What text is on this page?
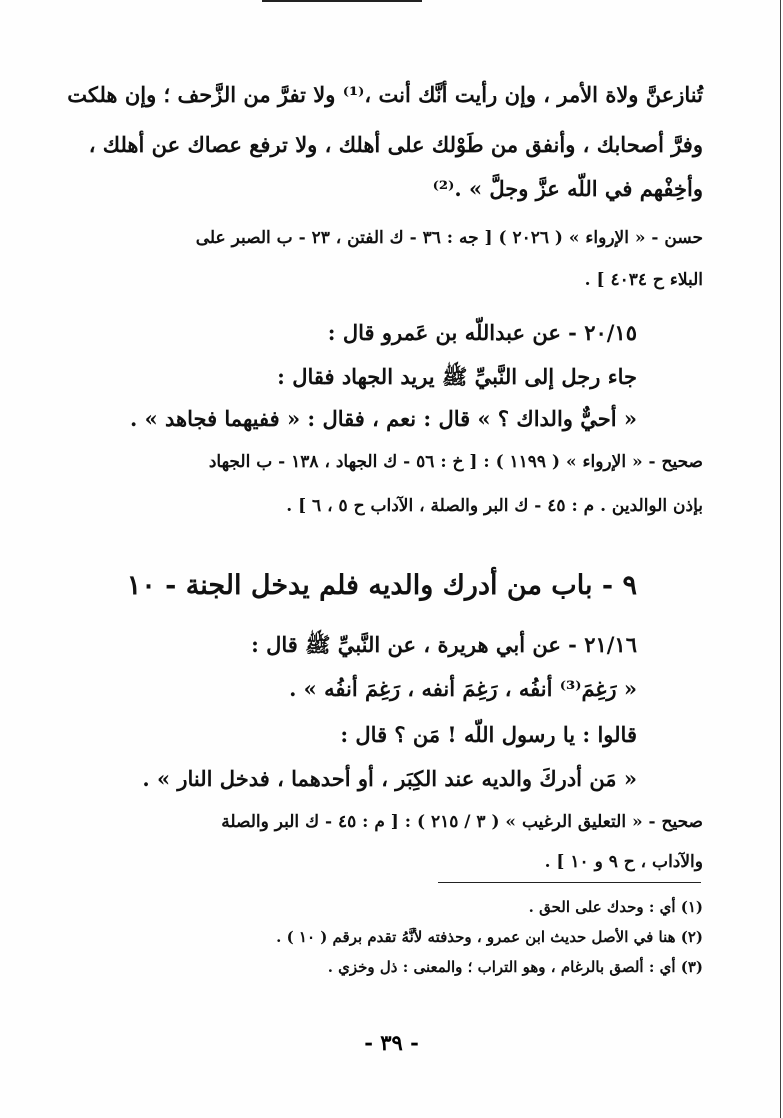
تُنازعنَّ ولاة الأمر ، وإن رأيت أنَّك أنت ،⁽¹⁾ ولا تفرَّ من الزَّحف ؛ وإن هلكت
وفرَّ أصحابك ، وأنفق من طَوْلك على أهلك ، ولا ترفع عصاك عن أهلك ،
وأخِفْهم في اللّه عزَّ وجلَّ » .⁽²⁾
حسن - « الإرواء » ( ٢٠٢٦ ) [ جه : ٣٦ - ك الفتن ، ٢٣ - ب الصبر على
البلاء ح ٤٠٣٤ ] .
٢٠/١٥ - عن عبداللّه بن عَمرو قال :
جاء رجل إلى النَّبيِّ ﷺ يريد الجهاد فقال :
« أحيٌّ والداك ؟ » قال : نعم ، فقال : « ففيهما فجاهد » .
صحيح - « الإرواء » ( ١١٩٩ ) : [ خ : ٥٦ - ك الجهاد ، ١٣٨ - ب الجهاد
بإذن الوالدين . م : ٤٥ - ك البر والصلة ، الآداب ح ٥ ، ٦ ] .
٩ - باب من أدرك والديه فلم يدخل الجنة - ١٠
٢١/١٦ - عن أبي هريرة ، عن النَّبيِّ ﷺ قال :
« رَغِمَ⁽³⁾ أنفُه ، رَغِمَ أنفه ، رَغِمَ أنفُه » .
قالوا : يا رسول اللّه ! مَن ؟ قال :
« مَن أدركَ والديه عند الكِبَر ، أو أحدهما ، فدخل النار » .
صحيح - « التعليق الرغيب » ( ٣ / ٢١٥ ) : [ م : ٤٥ - ك البر والصلة
والآداب ، ح ٩ و ١٠ ] .
(١) أي : وحدك على الحق .
(٢) هنا في الأصل حديث ابن عمرو ، وحذفته لأنَّهُ تقدم برقم ( ١٠ ) .
(٣) أي : ألصق بالرغام ، وهو التراب ؛ والمعنى : ذل وخزي .
- ٣٩ -
